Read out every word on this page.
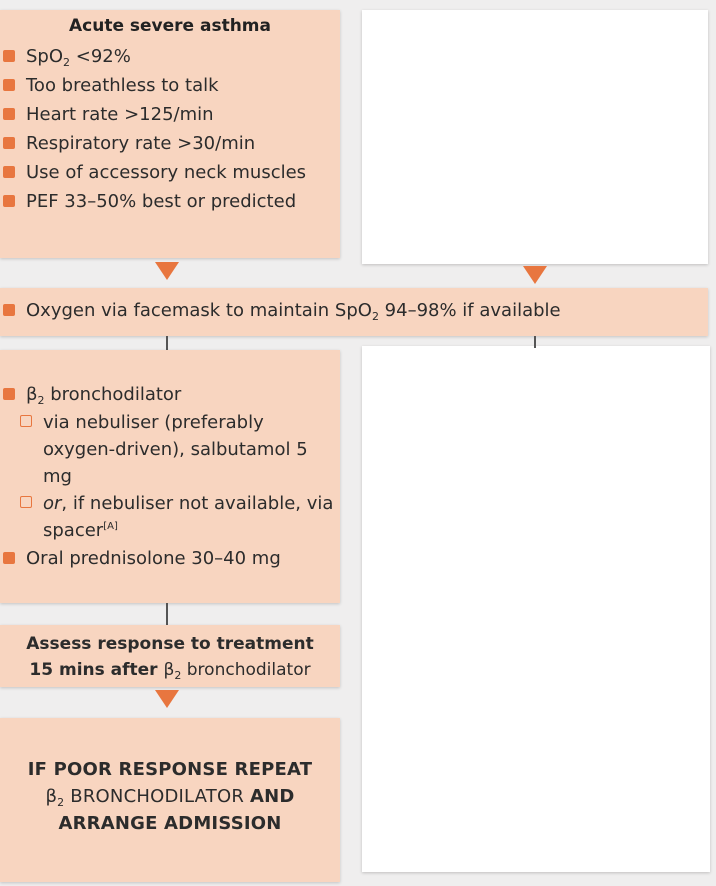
Acute severe asthma
SpO$_2$ <92%
Too breathless to talk
Heart rate >125/min
Respiratory rate >30/min
Use of accessory neck muscles
PEF 33–50% best or predicted
Oxygen via facemask to maintain SpO$_2$ 94–98% if available
$\beta_2$ bronchodilator
via nebuliser (preferably oxygen-driven), salbutamol 5 mg
or, if nebuliser not available, via spacer[A]
Oral prednisolone 30–40 mg
Assess response to treatment
15 mins after $\beta_2$ bronchodilator
IF POOR RESPONSE REPEAT
$\beta_2$ BRONCHODILATOR AND
ARRANGE ADMISSION
